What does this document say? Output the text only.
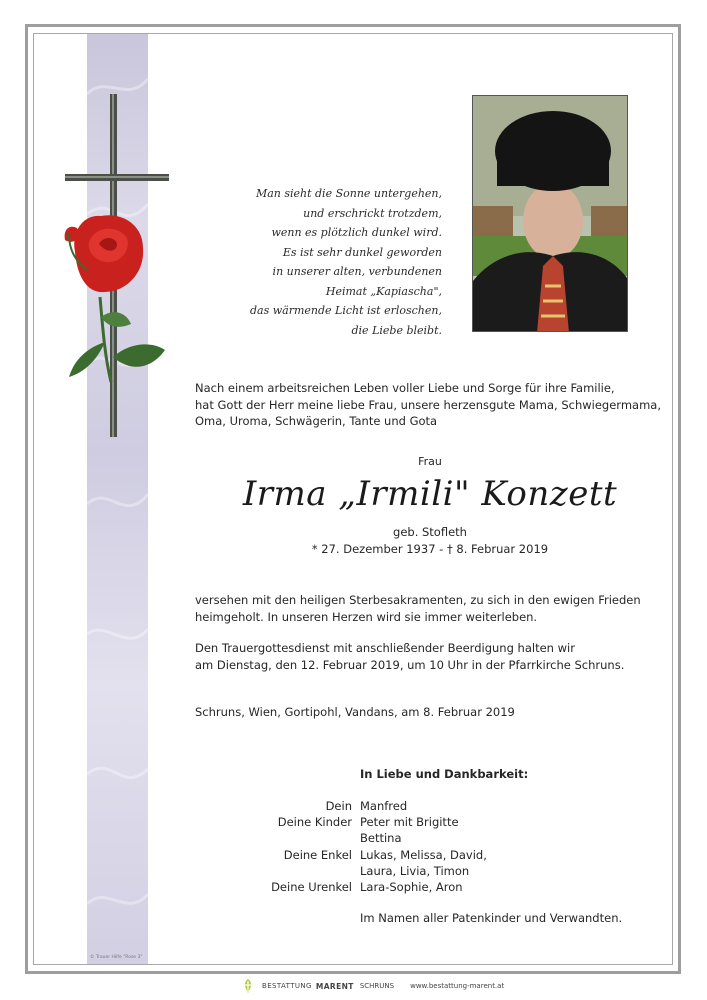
Man sieht die Sonne untergehen,
und erschrickt trotzdem,
wenn es plötzlich dunkel wird.
Es ist sehr dunkel geworden
in unserer alten, verbundenen
Heimat „Kapiascha",
das wärmende Licht ist erloschen,
die Liebe bleibt.
Nach einem arbeitsreichen Leben voller Liebe und Sorge für ihre Familie,
hat Gott der Herr meine liebe Frau, unsere herzensgute Mama, Schwiegermama,
Oma, Uroma, Schwägerin, Tante und Gota
Frau
Irma „Irmili" Konzett
geb. Stofleth
* 27. Dezember 1937 - † 8. Februar 2019
versehen mit den heiligen Sterbesakramenten, zu sich in den ewigen Frieden
heimgeholt. In unseren Herzen wird sie immer weiterleben.
Den Trauergottesdienst mit anschließender Beerdigung halten wir
am Dienstag, den 12. Februar 2019, um 10 Uhr in der Pfarrkirche Schruns.
Schruns, Wien, Gortipohl, Vandans, am 8. Februar 2019
In Liebe und Dankbarkeit:
Dein Manfred
Deine Kinder Peter mit Brigitte
Bettina
Deine Enkel Lukas, Melissa, David,
Laura, Livia, Timon
Deine Urenkel Lara-Sophie, Aron
Im Namen aller Patenkinder und Verwandten.
© Trauer Hilfe "Rose 3"
BESTATTUNG MARENT SCHRUNS www.bestattung-marent.at
